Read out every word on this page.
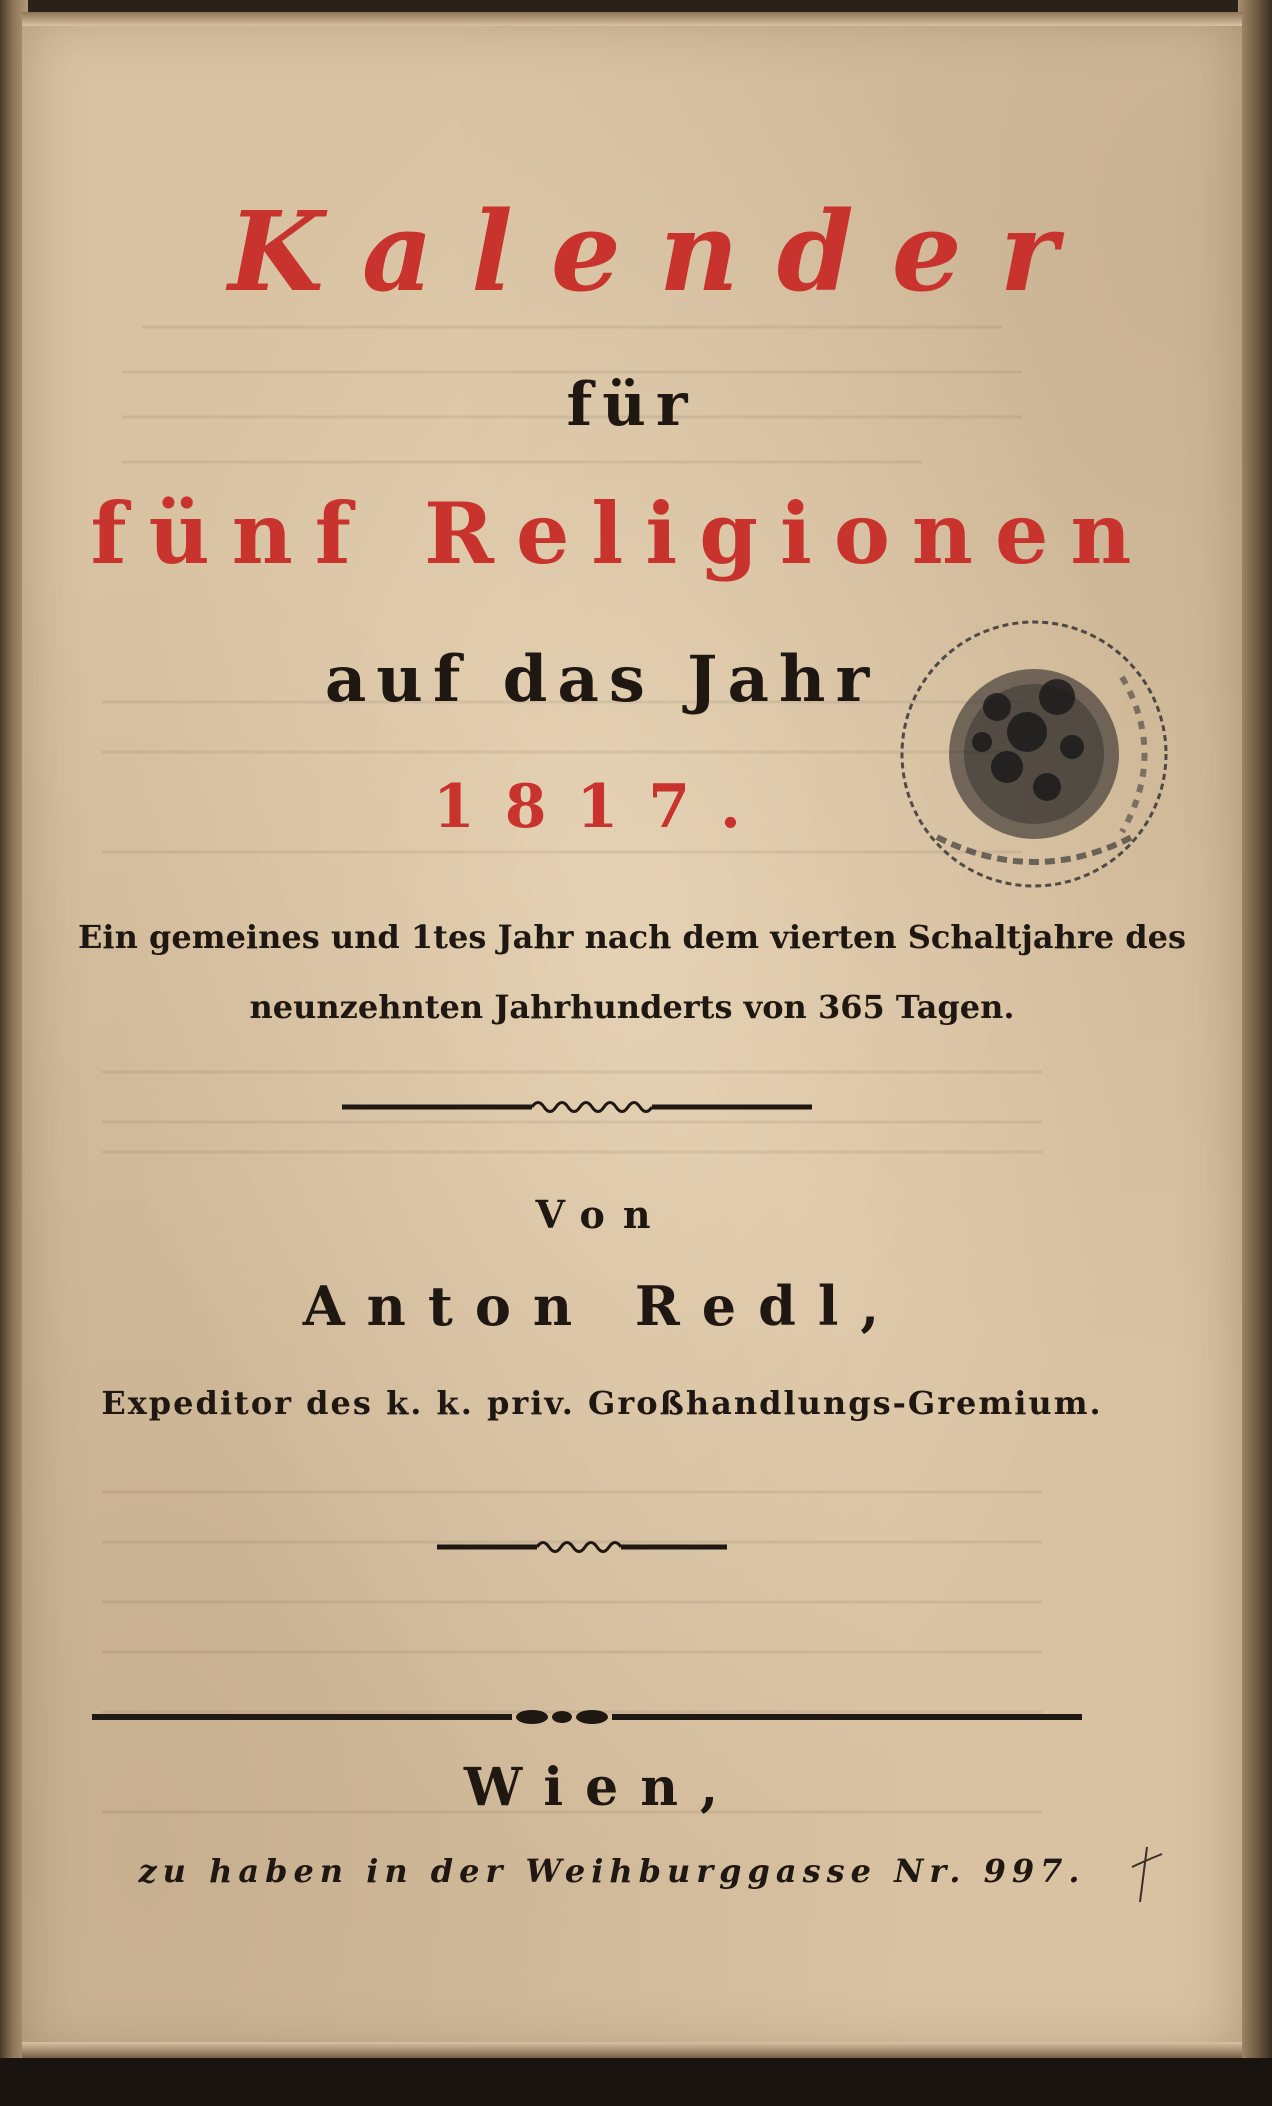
Kalender
für
fünf Religionen
auf das Jahr
1817.
Ein gemeines und 1tes Jahr nach dem vierten Schaltjahre des
neunzehnten Jahrhunderts von 365 Tagen.
Von
Anton Redl,
Expeditor des k. k. priv. Großhandlungs-Gremium.
Wien,
zu haben in der Weihburggasse Nr. 997.
